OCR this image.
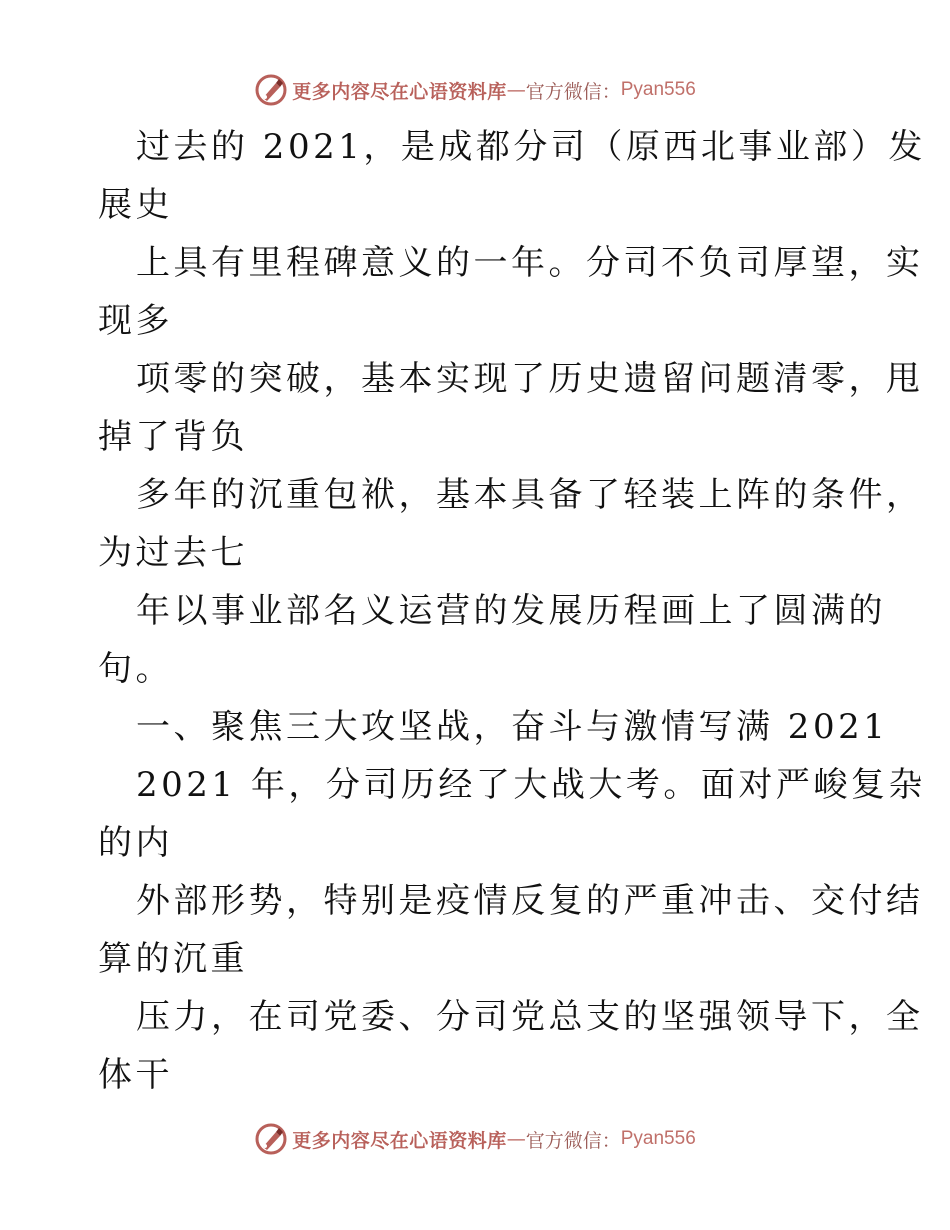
更多内容尽在心语资料库 — 官方微信： Pyan556
过去的 2021，是成都分司（原西北事业部）发
展史
上具有里程碑意义的一年。分司不负司厚望，实
现多
项零的突破，基本实现了历史遗留问题清零，甩
掉了背负
多年的沉重包袱，基本具备了轻装上阵的条件，
为过去七
年以事业部名义运营的发展历程画上了圆满的
句。
一、聚焦三大攻坚战，奋斗与激情写满 2021
2021 年，分司历经了大战大考。面对严峻复杂
的内
外部形势，特别是疫情反复的严重冲击、交付结
算的沉重
压力，在司党委、分司党总支的坚强领导下，全
体干
更多内容尽在心语资料库 — 官方微信： Pyan556
